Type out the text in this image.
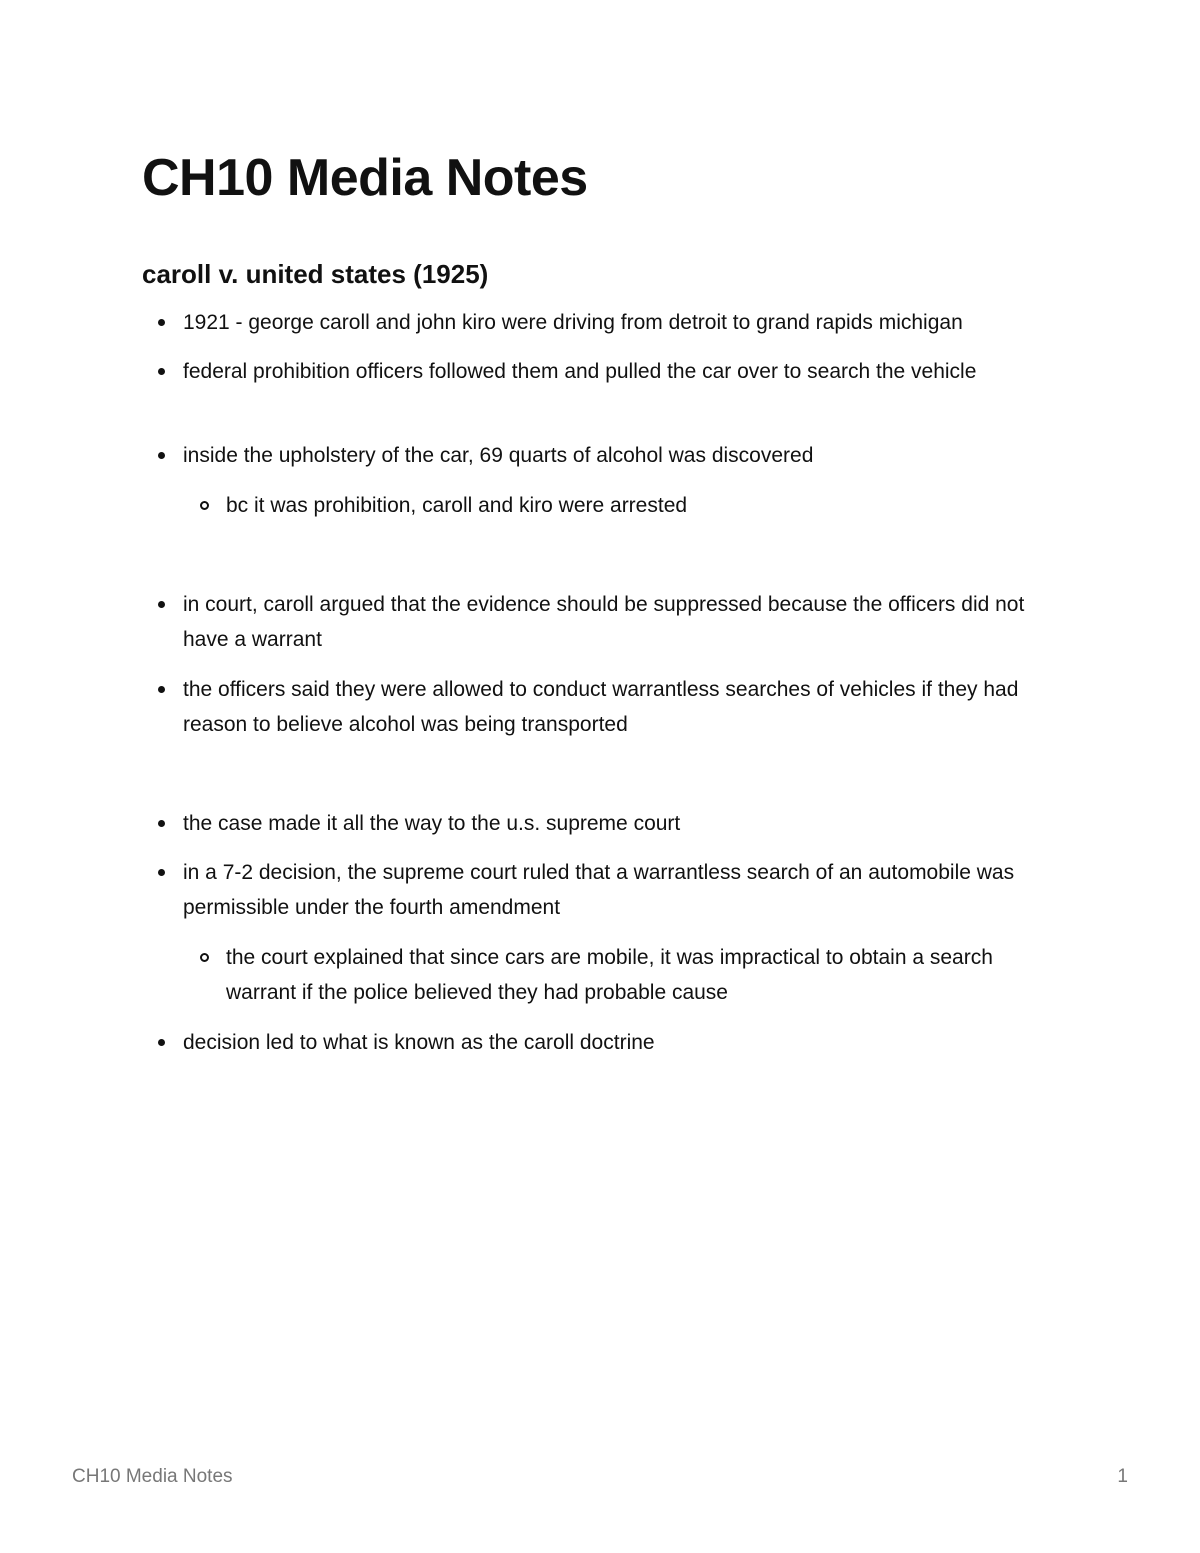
CH10 Media Notes
caroll v. united states (1925)
1921 - george caroll and john kiro were driving from detroit to grand rapids michigan
federal prohibition officers followed them and pulled the car over to search the vehicle
inside the upholstery of the car, 69 quarts of alcohol was discovered
bc it was prohibition, caroll and kiro were arrested
in court, caroll argued that the evidence should be suppressed because the officers did not have a warrant
the officers said they were allowed to conduct warrantless searches of vehicles if they had reason to believe alcohol was being transported
the case made it all the way to the u.s. supreme court
in a 7-2 decision, the supreme court ruled that a warrantless search of an automobile was permissible under the fourth amendment
the court explained that since cars are mobile, it was impractical to obtain a search warrant if the police believed they had probable cause
decision led to what is known as the caroll doctrine
CH10 Media Notes	1
